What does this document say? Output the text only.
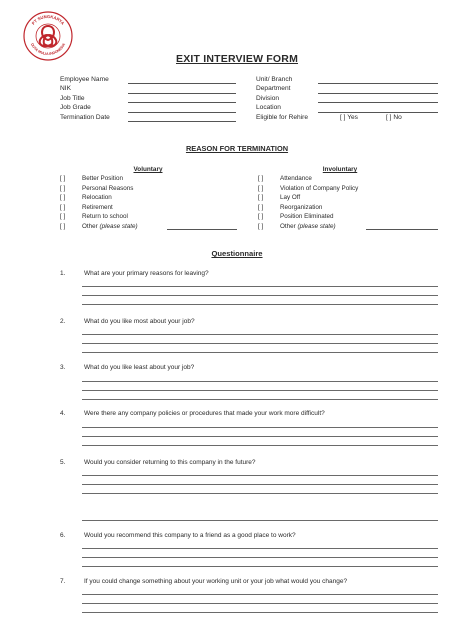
PT SUNGKARYA
DUTA MULIA INDONESIA
EXIT INTERVIEW FORM
Employee Name
NIK
Job Title
Job Grade
Termination Date
Unit/ Branch
Department
Division
Location
Eligible for Rehire	[ ] Yes	[ ] No
REASON FOR TERMINATION
Voluntary	Involuntary
[ ]	Better Position
[ ]	Personal Reasons
[ ]	Relocation
[ ]	Retirement
[ ]	Return to school
[ ]	Other (please state)
[ ]	Attendance
[ ]	Violation of Company Policy
[ ]	Lay Off
[ ]	Reorganization
[ ]	Position Eliminated
[ ]	Other (please state)
Questionnaire
1.	What are your primary reasons for leaving?
2.	What do you like most about your job?
3.	What do you like least about your job?
4.	Were there any company policies or procedures that made your work more difficult?
5.	Would you consider returning to this company in the future?
6.	Would you recommend this company to a friend as a good place to work?
7.	If you could change something about your working unit or your job what would you change?
